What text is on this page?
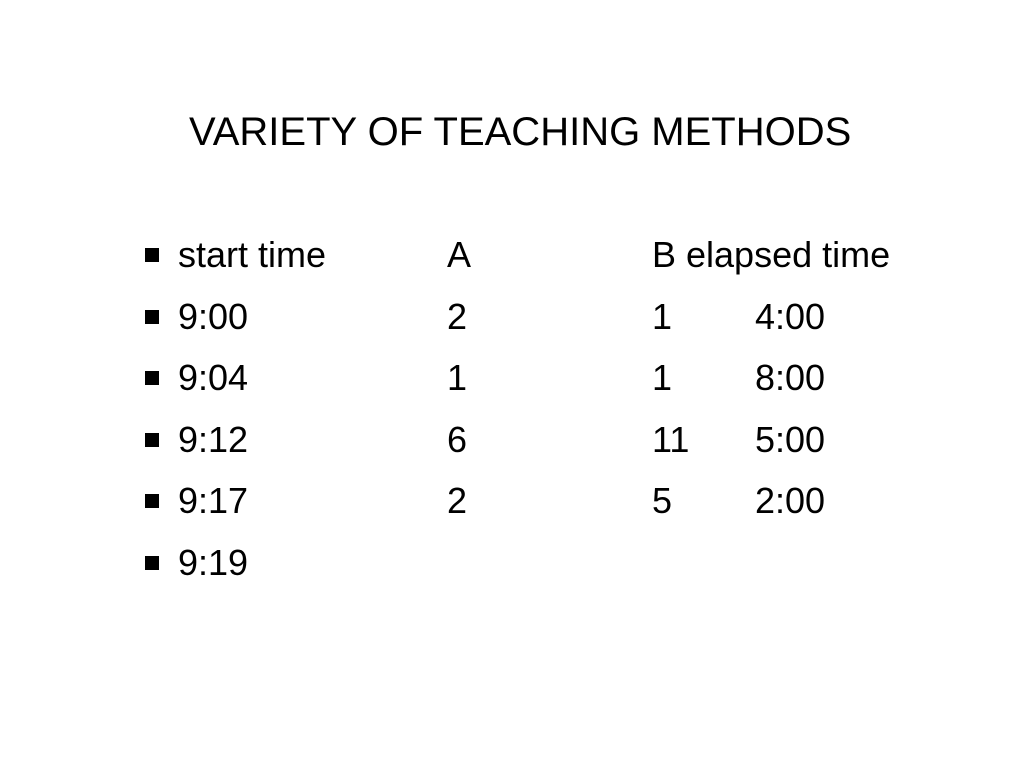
VARIETY OF TEACHING METHODS
start time	A	B elapsed time
9:00	2	1 4:00
9:04	1	1 8:00
9:12	6	11 5:00
9:17	2	5 2:00
9:19
